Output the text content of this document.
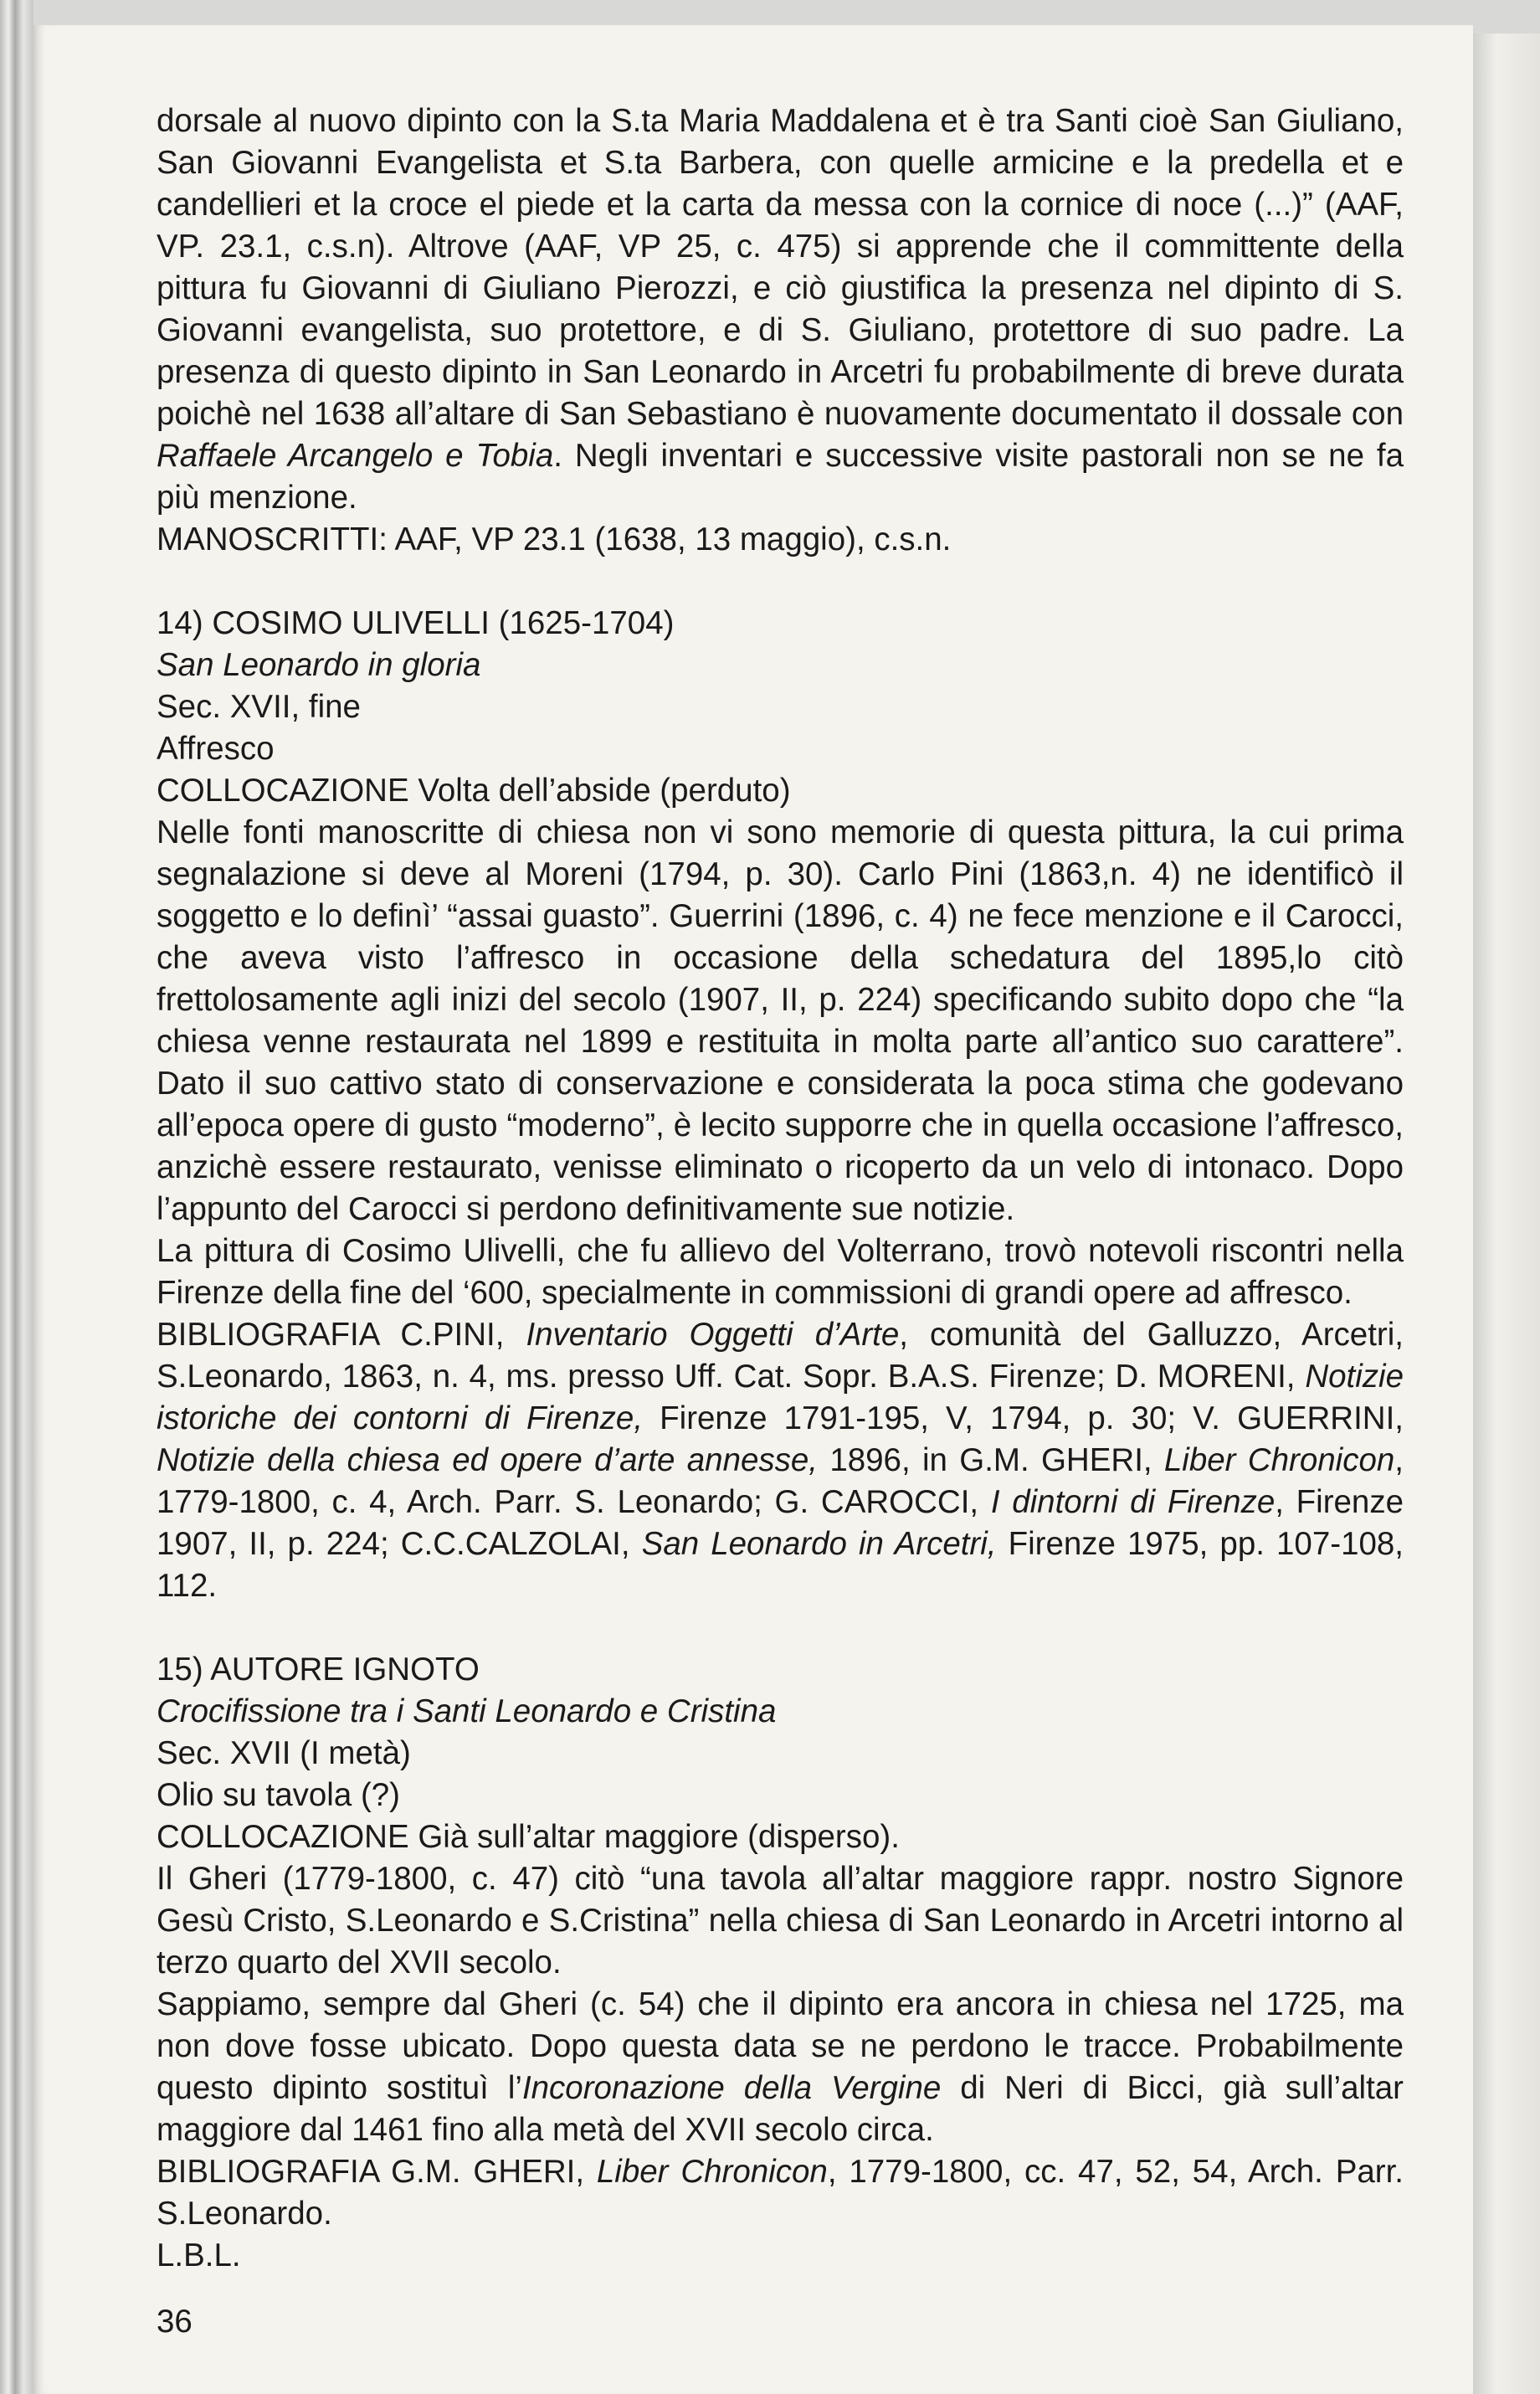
dorsale al nuovo dipinto con la S.ta Maria Maddalena et è tra Santi cioè San Giuliano, San Giovanni Evangelista et S.ta Barbera, con quelle armicine e la predella et e candellieri et la croce el piede et la carta da messa con la cornice di noce (...)” (AAF, VP. 23.1, c.s.n). Altrove (AAF, VP 25, c. 475) si apprende che il committente della pittura fu Giovanni di Giuliano Pierozzi, e ciò giustifica la presenza nel dipinto di S. Giovanni evangelista, suo protettore, e di S. Giuliano, protettore di suo padre. La presenza di questo dipinto in San Leonardo in Arcetri fu probabilmente di breve durata poichè nel 1638 all’altare di San Sebastiano è nuovamente documentato il dossale con Raffaele Arcangelo e Tobia. Negli inventari e successive visite pastorali non se ne fa più menzione.

MANOSCRITTI: AAF, VP 23.1 (1638, 13 maggio), c.s.n.

14) COSIMO ULIVELLI (1625-1704)

San Leonardo in gloria

Sec. XVII, fine

Affresco

COLLOCAZIONE Volta dell’abside (perduto)

Nelle fonti manoscritte di chiesa non vi sono memorie di questa pittura, la cui prima segnalazione si deve al Moreni (1794, p. 30). Carlo Pini (1863,n. 4) ne identificò il soggetto e lo definì’ “assai guasto”. Guerrini (1896, c. 4) ne fece menzione e il Carocci, che aveva visto l’affresco in occasione della schedatura del 1895,lo citò frettolosamente agli inizi del secolo (1907, II, p. 224) specificando subito dopo che “la chiesa venne restaurata nel 1899 e restituita in molta parte all’antico suo carattere”. Dato il suo cattivo stato di conservazione e considerata la poca stima che godevano all’epoca opere di gusto “moderno”, è lecito supporre che in quella occasione l’affresco, anzichè essere restaurato, venisse eliminato o ricoperto da un velo di intonaco. Dopo l’appunto del Carocci si perdono definitivamente sue notizie.

La pittura di Cosimo Ulivelli, che fu allievo del Volterrano, trovò notevoli riscontri nella Firenze della fine del ‘600, specialmente in commissioni di grandi opere ad affresco.

BIBLIOGRAFIA C.PINI, Inventario Oggetti d’Arte, comunità del Galluzzo, Arcetri, S.Leonardo, 1863, n. 4, ms. presso Uff. Cat. Sopr. B.A.S. Firenze; D. MORENI, Notizie istoriche dei contorni di Firenze, Firenze 1791-195, V, 1794, p. 30; V. GUERRINI, Notizie della chiesa ed opere d’arte annesse, 1896, in G.M. GHERI, Liber Chronicon, 1779-1800, c. 4, Arch. Parr. S. Leonardo; G. CAROCCI, I dintorni di Firenze, Firenze 1907, II, p. 224; C.C.CALZOLAI, San Leonardo in Arcetri, Firenze 1975, pp. 107-108, 112.

15) AUTORE IGNOTO

Crocifissione tra i Santi Leonardo e Cristina

Sec. XVII (I metà)

Olio su tavola (?)

COLLOCAZIONE Già sull’altar maggiore (disperso).

Il Gheri (1779-1800, c. 47) citò “una tavola all’altar maggiore rappr. nostro Signore Gesù Cristo, S.Leonardo e S.Cristina” nella chiesa di San Leonardo in Arcetri intorno al terzo quarto del XVII secolo.

Sappiamo, sempre dal Gheri (c. 54) che il dipinto era ancora in chiesa nel 1725, ma non dove fosse ubicato. Dopo questa data se ne perdono le tracce. Probabilmente questo dipinto sostituì l’Incoronazione della Vergine di Neri di Bicci, già sull’altar maggiore dal 1461 fino alla metà del XVII secolo circa.

BIBLIOGRAFIA G.M. GHERI, Liber Chronicon, 1779-1800, cc. 47, 52, 54, Arch. Parr. S.Leonardo.

L.B.L.

36
